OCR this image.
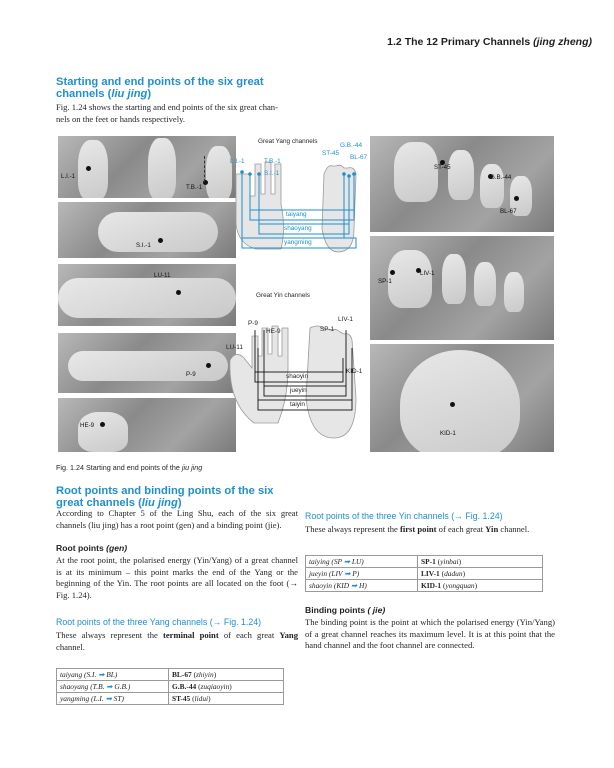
1.2 The 12 Primary Channels (jing zheng)
Starting and end points of the six great
channels (liu jing)
Fig. 1.24 shows the starting and end points of the six great chan-
nels on the feet or hands respectively.
L.I.-1
T.B.-1
S.I.-1
LU-11
P-9
HE-9
Great Yang channels
L.I.-1	T.B.-1
S.I.-1
ST-45
G.B.-44
BL-67
taiyang
shaoyang
yangming
Great Yin channels
P-9
HE-9
LU-11
LIV-1
SP-1
KID-1
shaoyin
jueyin
taiyin
ST-45
G.B.-44
BL-67
LIV-1
SP-1
KID-1
Fig. 1.24 Starting and end points of the jiu jing
Root points and binding points of the six
great channels (liu jing)
According to Chapter 5 of the Ling Shu, each of the six great channels (liu jing) has a root point (gen) and a binding point (jie).
Root points (gen)
At the root point, the polarised energy (Yin/Yang) of a great channel is at its minimum – this point marks the end of the Yang or the beginning of the Yin. The root points are all located on the foot (→ Fig. 1.24).
Root points of the three Yang channels (→ Fig. 1.24)
These always represent the terminal point of each great Yang channel.
taiyang (S.I. ➡ BL)	BL-67 (zhiyin)
shaoyang (T.B. ➡ G.B.)	G.B.-44 (zuqiaoyin)
yangming (L.I. ➡ ST)	ST-45 (lidui)
Root points of the three Yin channels (→ Fig. 1.24)
These always represent the first point of each great Yin channel.
taiying (SP ➡ LU)	SP-1 (yinbai)
jueyin (LIV ➡ P)	LIV-1 (dadun)
shaoyin (KID ➡ H)	KID-1 (yongquan)
Binding points ( jie)
The binding point is the point at which the polarised energy (Yin/Yang) of a great channel reaches its maximum level. It is at this point that the hand channel and the foot channel are connected.
